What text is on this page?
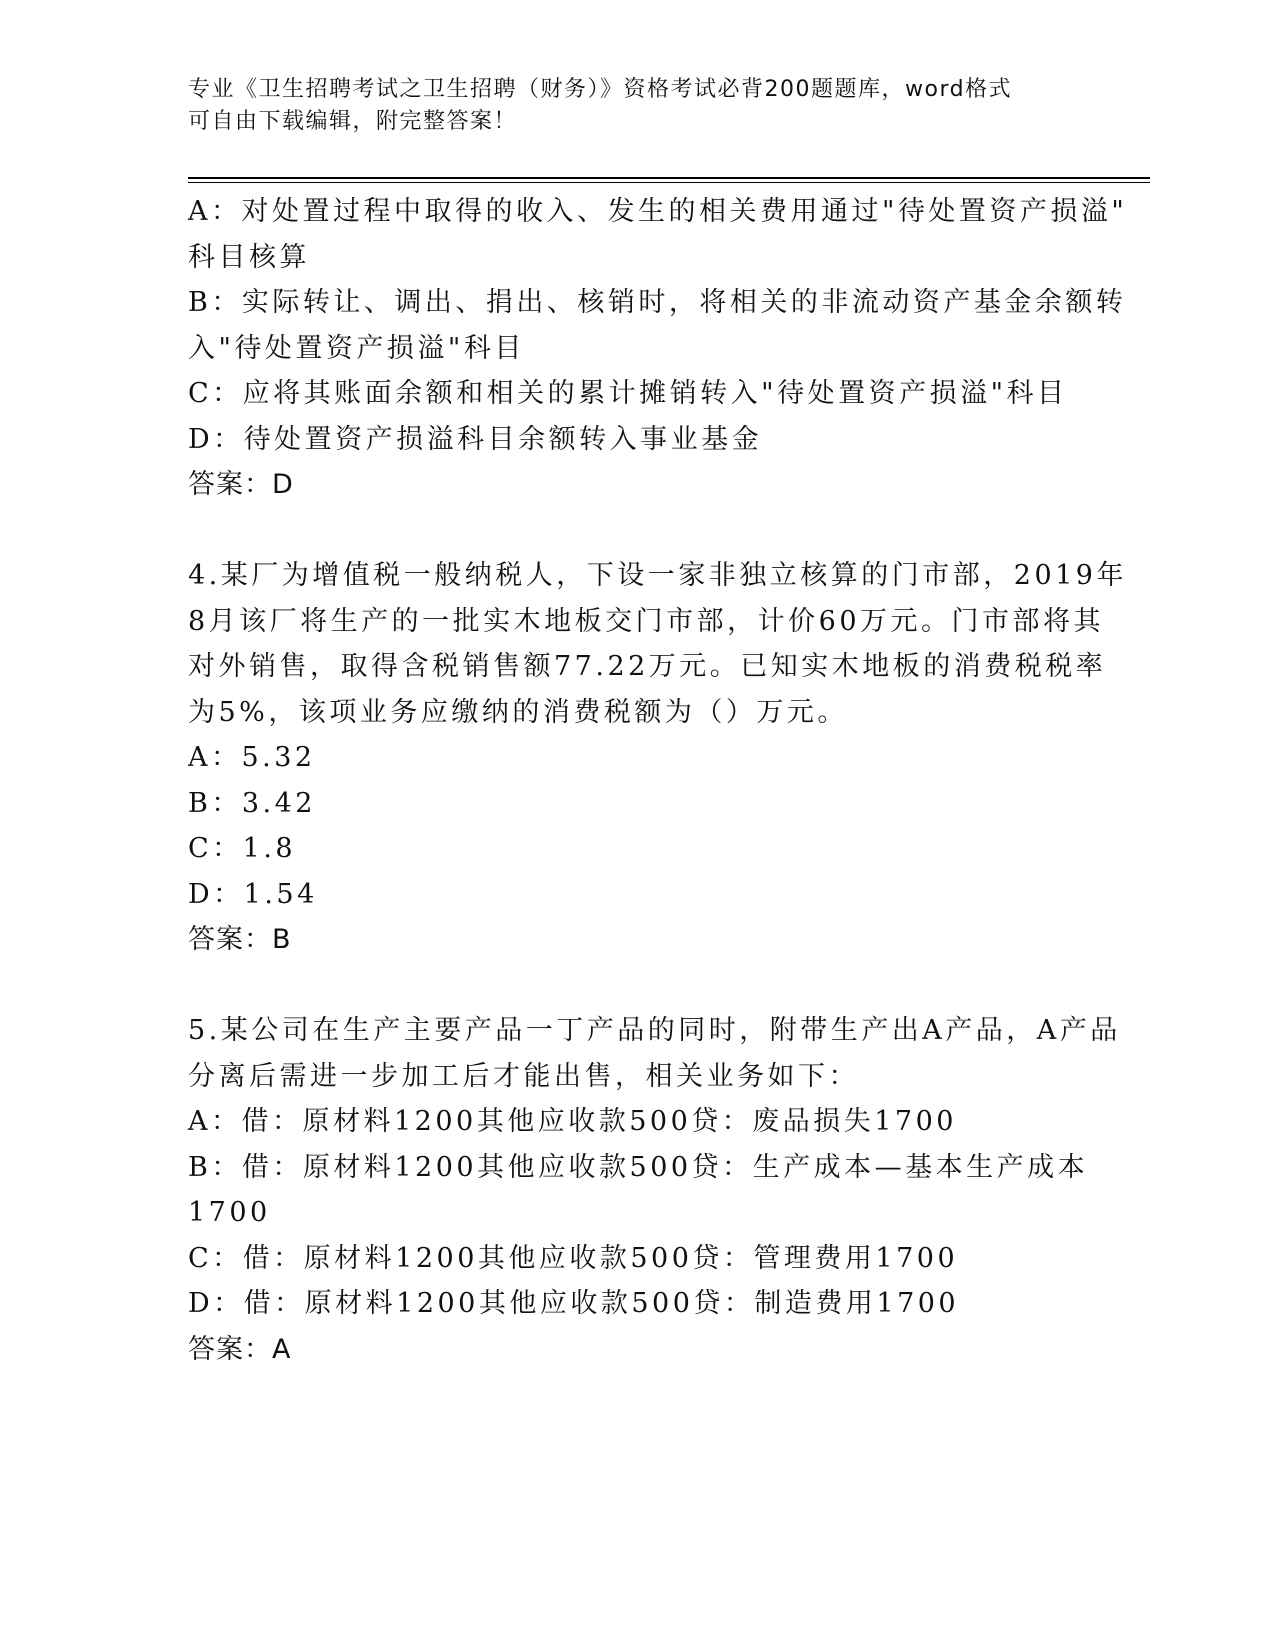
专业《卫生招聘考试之卫生招聘（财务）》资格考试必背200题题库，word格式
可自由下载编辑，附完整答案！
A：对处置过程中取得的收入、发生的相关费用通过"待处置资产损溢"
科目核算
B：实际转让、调出、捐出、核销时，将相关的非流动资产基金余额转
入"待处置资产损溢"科目
C：应将其账面余额和相关的累计摊销转入"待处置资产损溢"科目
D：待处置资产损溢科目余额转入事业基金
答案：D
4.某厂为增值税一般纳税人，下设一家非独立核算的门市部，2019年
8月该厂将生产的一批实木地板交门市部，计价60万元。门市部将其
对外销售，取得含税销售额77.22万元。已知实木地板的消费税税率
为5%，该项业务应缴纳的消费税额为（）万元。
A：5.32
B：3.42
C：1.8
D：1.54
答案：B
5.某公司在生产主要产品一丁产品的同时，附带生产出A产品，A产品
分离后需进一步加工后才能出售，相关业务如下：
A：借：原材料1200其他应收款500贷：废品损失1700
B：借：原材料1200其他应收款500贷：生产成本—基本生产成本
1700
C：借：原材料1200其他应收款500贷：管理费用1700
D：借：原材料1200其他应收款500贷：制造费用1700
答案：A
